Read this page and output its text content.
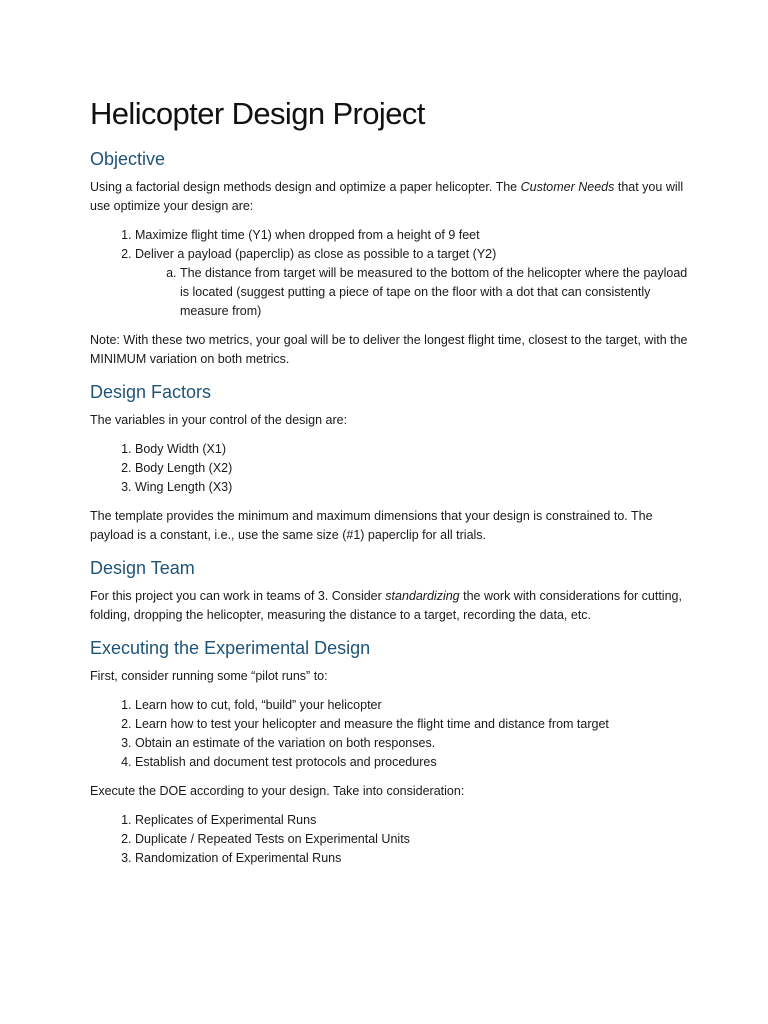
Helicopter Design Project
Objective

Using a factorial design methods design and optimize a paper helicopter. The Customer Needs that you will use optimize your design are:

1. Maximize flight time (Y1) when dropped from a height of 9 feet
2. Deliver a payload (paperclip) as close as possible to a target (Y2)
a. The distance from target will be measured to the bottom of the helicopter where the payload is located (suggest putting a piece of tape on the floor with a dot that can consistently measure from)

Note: With these two metrics, your goal will be to deliver the longest flight time, closest to the target, with the MINIMUM variation on both metrics.

Design Factors

The variables in your control of the design are:

1. Body Width (X1)
2. Body Length (X2)
3. Wing Length (X3)

The template provides the minimum and maximum dimensions that your design is constrained to. The payload is a constant, i.e., use the same size (#1) paperclip for all trials.

Design Team

For this project you can work in teams of 3. Consider standardizing the work with considerations for cutting, folding, dropping the helicopter, measuring the distance to a target, recording the data, etc.

Executing the Experimental Design

First, consider running some “pilot runs” to:

1. Learn how to cut, fold, “build” your helicopter
2. Learn how to test your helicopter and measure the flight time and distance from target
3. Obtain an estimate of the variation on both responses.
4. Establish and document test protocols and procedures

Execute the DOE according to your design. Take into consideration:

1. Replicates of Experimental Runs
2. Duplicate / Repeated Tests on Experimental Units
3. Randomization of Experimental Runs
